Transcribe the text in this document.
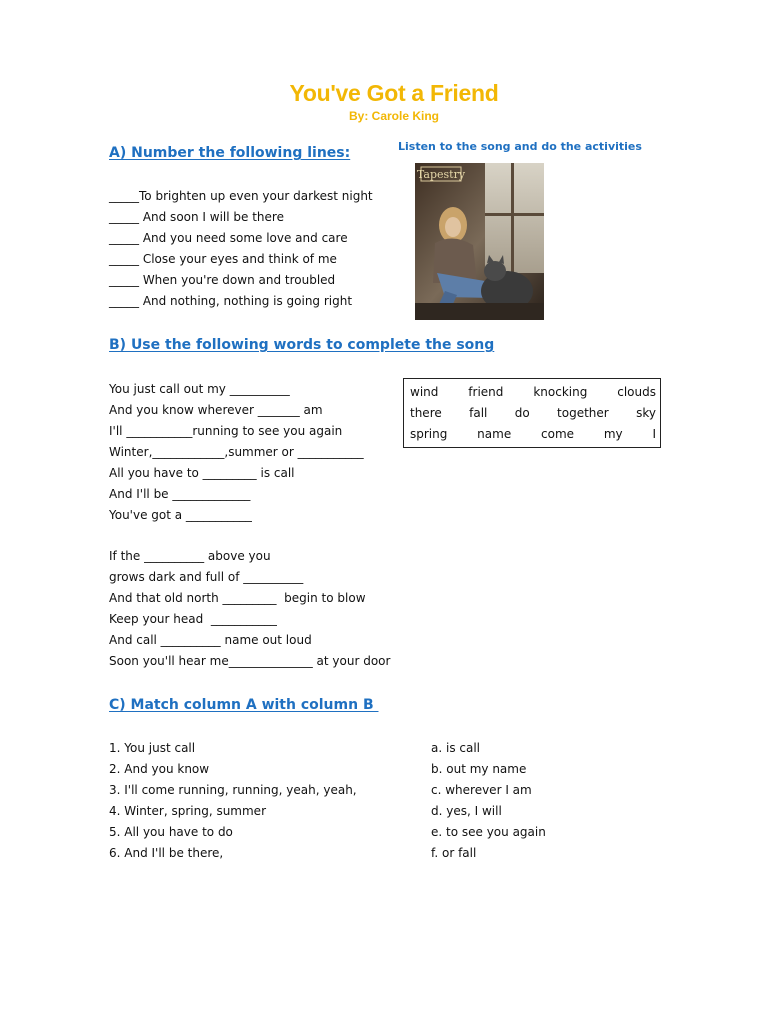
You've Got a Friend
By: Carole King
A) Number the following lines:	Listen to the song and do the activities
_____To brighten up even your darkest night
_____ And soon I will be there
_____ And you need some love and care
_____ Close your eyes and think of me
_____ When you're down and troubled
_____ And nothing, nothing is going right
Tapestry
B) Use the following words to complete the song
You just call out my __________
And you know wherever _______ am
I'll ___________running to see you again
Winter,____________,summer or ___________
All you have to _________ is call
And I'll be _____________
You've got a ___________
wind friend knocking clouds
there fall do together sky
spring name come my I
If the __________ above you
grows dark and full of __________
And that old north _________  begin to blow
Keep your head  ___________
And call __________ name out loud
Soon you'll hear me______________ at your door
C) Match column A with column B
1. You just call
2. And you know
3. I'll come running, running, yeah, yeah,
4. Winter, spring, summer
5. All you have to do
6. And I'll be there,
a. is call
b. out my name
c. wherever I am
d. yes, I will
e. to see you again
f. or fall
